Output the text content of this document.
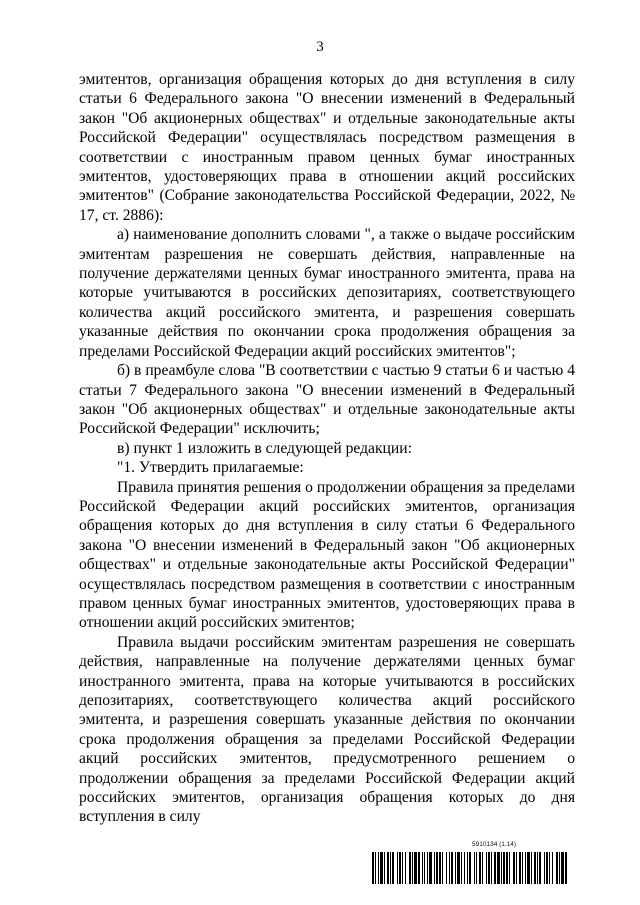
3

эмитентов, организация обращения которых до дня вступления в силу статьи 6 Федерального закона "О внесении изменений в Федеральный закон "Об акционерных обществах" и отдельные законодательные акты Российской Федерации" осуществлялась посредством размещения в соответствии с иностранным правом ценных бумаг иностранных эмитентов, удостоверяющих права в отношении акций российских эмитентов" (Собрание законодательства Российской Федерации, 2022, № 17, ст. 2886):

а) наименование дополнить словами ", а также о выдаче российским эмитентам разрешения не совершать действия, направленные на получение держателями ценных бумаг иностранного эмитента, права на которые учитываются в российских депозитариях, соответствующего количества акций российского эмитента, и разрешения совершать указанные действия по окончании срока продолжения обращения за пределами Российской Федерации акций российских эмитентов";

б) в преамбуле слова "В соответствии с частью 9 статьи 6 и частью 4 статьи 7 Федерального закона "О внесении изменений в Федеральный закон "Об акционерных обществах" и отдельные законодательные акты Российской Федерации" исключить;

в) пункт 1 изложить в следующей редакции:

"1. Утвердить прилагаемые:

Правила принятия решения о продолжении обращения за пределами Российской Федерации акций российских эмитентов, организация обращения которых до дня вступления в силу статьи 6 Федерального закона "О внесении изменений в Федеральный закон "Об акционерных обществах" и отдельные законодательные акты Российской Федерации" осуществлялась посредством размещения в соответствии с иностранным правом ценных бумаг иностранных эмитентов, удостоверяющих права в отношении акций российских эмитентов;

Правила выдачи российским эмитентам разрешения не совершать действия, направленные на получение держателями ценных бумаг иностранного эмитента, права на которые учитываются в российских депозитариях, соответствующего количества акций российского эмитента, и разрешения совершать указанные действия по окончании срока продолжения обращения за пределами Российской Федерации акций российских эмитентов, предусмотренного решением о продолжении обращения за пределами Российской Федерации акций российских эмитентов, организация обращения которых до дня вступления в силу

5910134 (1.14)
